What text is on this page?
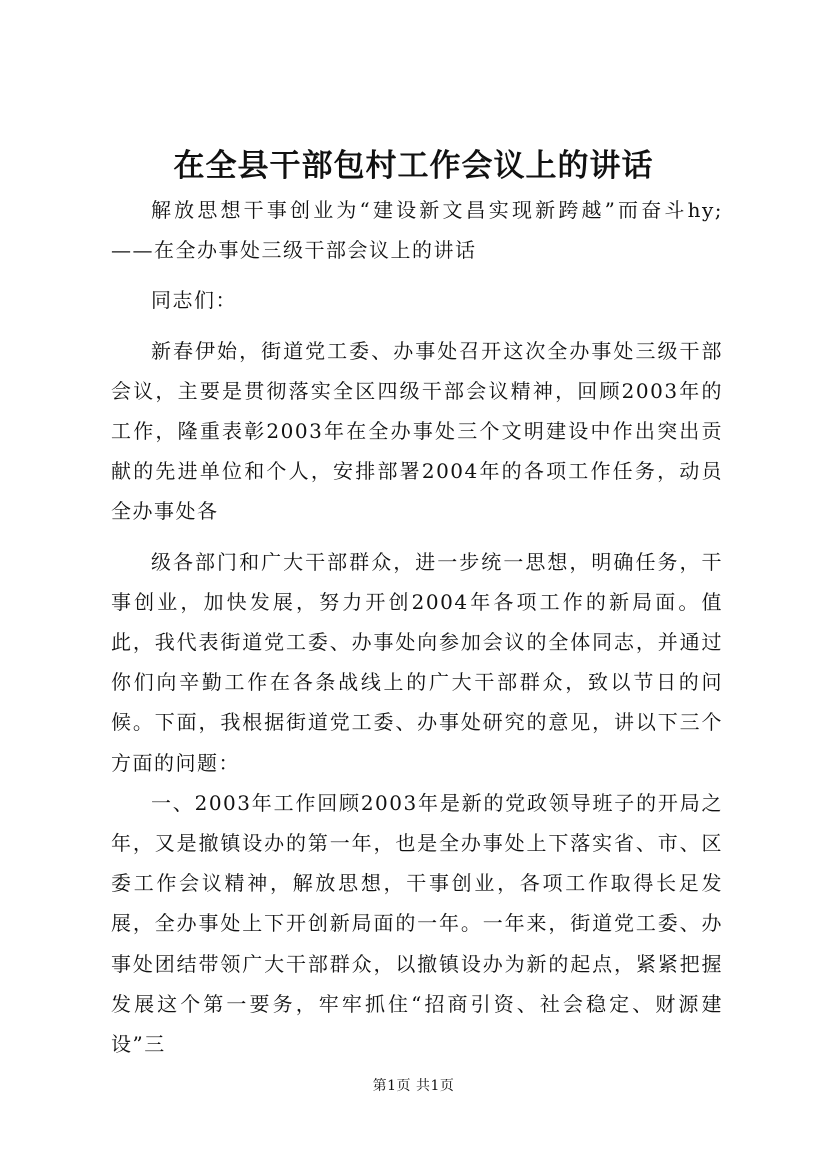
在全县干部包村工作会议上的讲话

解放思想干事创业为“建设新文昌实现新跨越”而奋斗hy;——在全办事处三级干部会议上的讲话

同志们：

新春伊始，街道党工委、办事处召开这次全办事处三级干部会议，主要是贯彻落实全区四级干部会议精神，回顾2003年的工作，隆重表彰2003年在全办事处三个文明建设中作出突出贡献的先进单位和个人，安排部署2004年的各项工作任务，动员全办事处各

级各部门和广大干部群众，进一步统一思想，明确任务，干事创业，加快发展，努力开创2004年各项工作的新局面。值此，我代表街道党工委、办事处向参加会议的全体同志，并通过你们向辛勤工作在各条战线上的广大干部群众，致以节日的问候。下面，我根据街道党工委、办事处研究的意见，讲以下三个方面的问题：

一、2003年工作回顾2003年是新的党政领导班子的开局之年，又是撤镇设办的第一年，也是全办事处上下落实省、市、区委工作会议精神，解放思想，干事创业，各项工作取得长足发展，全办事处上下开创新局面的一年。一年来，街道党工委、办事处团结带领广大干部群众，以撤镇设办为新的起点，紧紧把握发展这个第一要务，牢牢抓住“招商引资、社会稳定、财源建设”三

第1页 共1页
